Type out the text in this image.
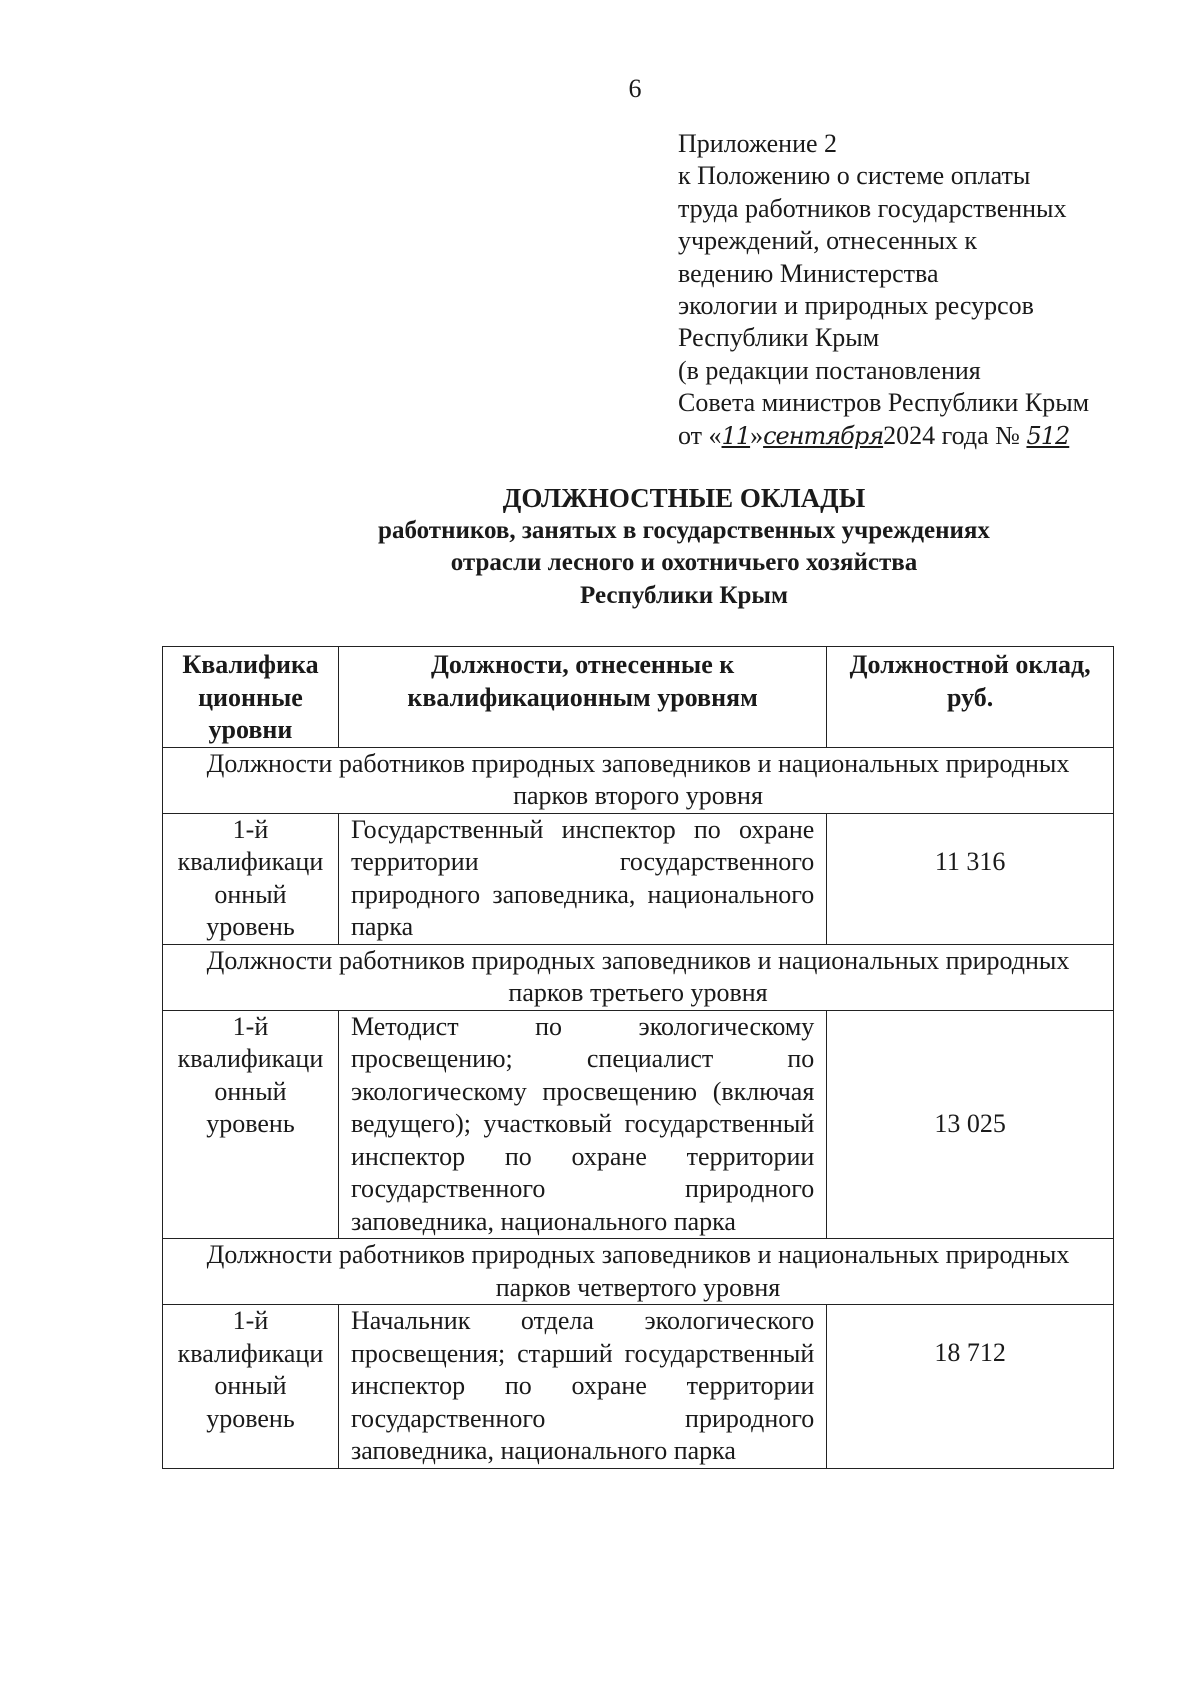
6
Приложение 2
к Положению о системе оплаты
труда работников государственных
учреждений, отнесенных к
ведению Министерства
экологии и природных ресурсов
Республики Крым
(в редакции постановления
Совета министров Республики Крым
от «11»сентября2024 года № 512
ДОЛЖНОСТНЫЕ ОКЛАДЫ
работников, занятых в государственных учреждениях
отрасли лесного и охотничьего хозяйства
Республики Крым
Квалифика ционные уровни	Должности, отнесенные к квалификационным уровням	Должностной оклад, руб.
Должности работников природных заповедников и национальных природных парков второго уровня		
1-й квалификаци онный уровень	Государственный инспектор по охране территории государственного природного заповедника, национального парка	11 316
Должности работников природных заповедников и национальных природных парков третьего уровня		
1-й квалификаци онный уровень	Методист по экологическому просвещению; специалист по экологическому просвещению (включая ведущего); участковый государственный инспектор по охране территории государственного природного заповедника, национального парка	13 025
Должности работников природных заповедников и национальных природных парков четвертого уровня		
1-й квалификаци онный уровень	Начальник отдела экологического просвещения; старший государственный инспектор по охране территории государственного природного заповедника, национального парка	18 712
